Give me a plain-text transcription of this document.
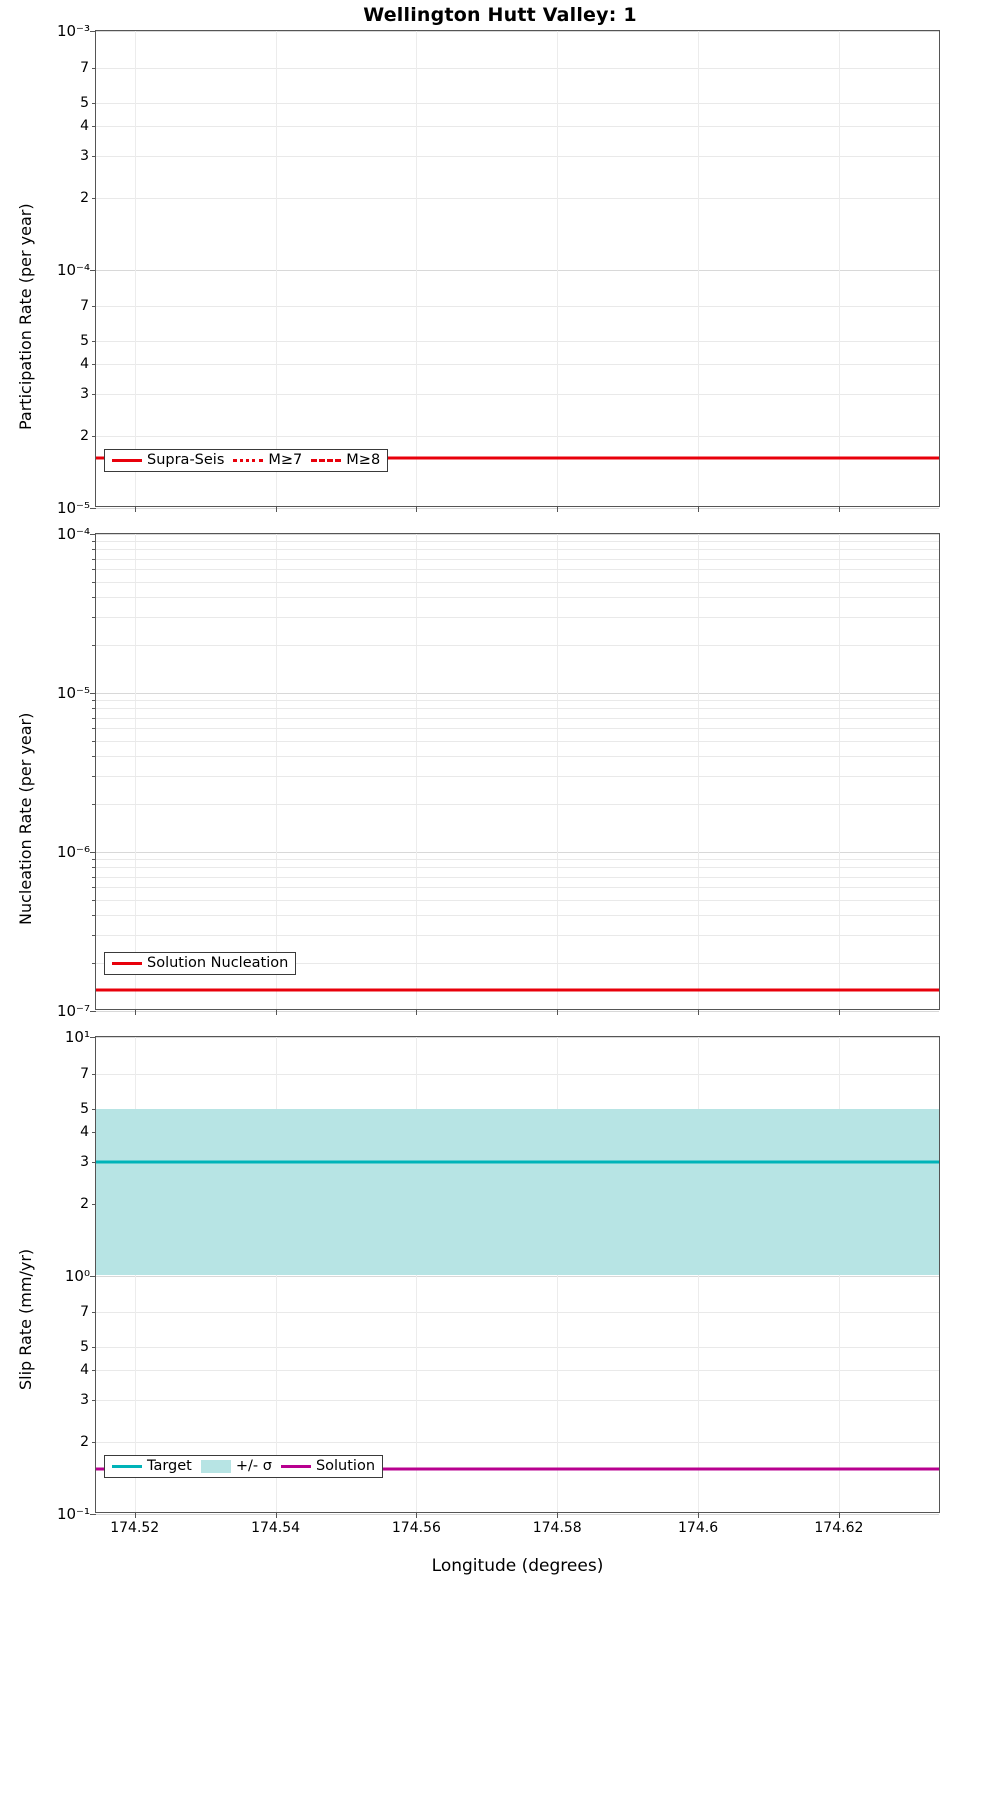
Wellington Hutt Valley: 1
10⁻³
7
5
4
3
2
10⁻⁴
7
5
4
3
2
10⁻⁵
Supra-Seis	M≥7	M≥8
Participation Rate (per year)
10⁻⁴
10⁻⁵
10⁻⁶
10⁻⁷
Solution Nucleation
Nucleation Rate (per year)
10¹
7
5
4
3
2
10⁰
7
5
4
3
2
10⁻¹
174.52	174.54	174.56	174.58	174.6	174.62
Target	+/- σ	Solution
Slip Rate (mm/yr)
Longitude (degrees)
